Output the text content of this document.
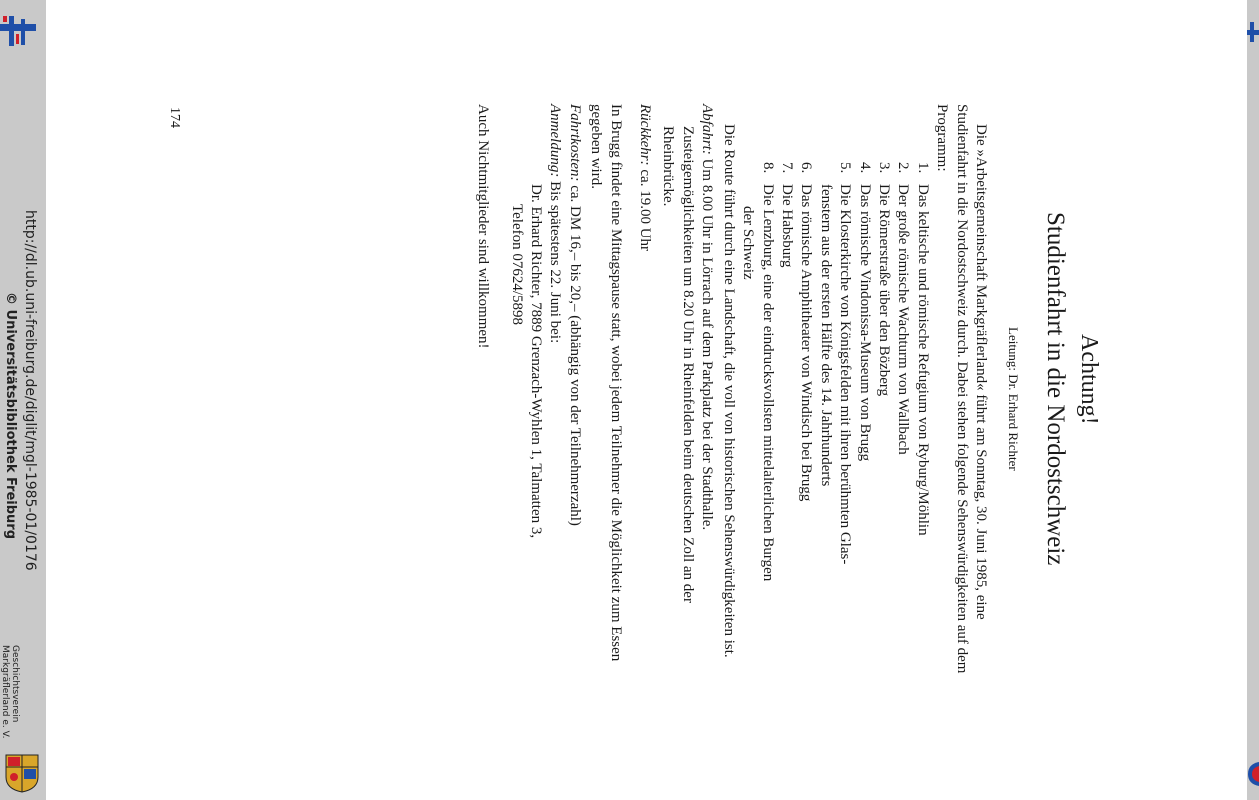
http://dl.ub.uni-freiburg.de/diglit/mgl-1985-01/0176
© Universitätsbibliothek Freiburg
Geschichtsverein
Markgräflerland e. V.
174
Achtung!
Studienfahrt in die Nordostschweiz
Leitung: Dr. Erhard Richter

Die »Arbeitsgemeinschaft Markgräflerland« führt am Sonntag, 30. Juni 1985, eine Studienfahrt in die Nordostschweiz durch. Dabei stehen folgende Sehenswürdigkeiten auf dem Programm:

1.
Das keltische und römische Refugium von Ryburg/Möhlin
2.
Der große römische Wachturm von Wallbach
3.
Die Römerstraße über den Bözberg
4.
Das römische Vindonissa-Museum von Brugg
5.
Die Klosterkirche von Königsfelden mit ihren berühmten Glas-
fenstern aus der ersten Hälfte des 14. Jahrhunderts
6.
Das römische Amphitheater von Windisch bei Brugg
7.
Die Habsburg
8.
Die Lenzburg, eine der eindrucksvollsten mittelalterlichen Burgen
der Schweiz

Die Route führt durch eine Landschaft, die voll von historischen Sehenswürdigkeiten ist.

Abfahrt: Um 8.00 Uhr in Lörrach auf dem Parkplatz bei der Stadthalle.

Zusteigemöglichkeiten um 8.20 Uhr in Rheinfelden beim deutschen Zoll an der Rheinbrücke.

Rückkehr: ca. 19.00 Uhr

In Brugg findet eine Mittagspause statt, wobei jedem Teilnehmer die Möglichkeit zum Essen gegeben wird.

Fahrtkosten: ca. DM 16,– bis 20,– (abhängig von der Teilnehmerzahl)

Anmeldung: Bis spätestens 22. Juni bei:

Dr. Erhard Richter, 7889 Grenzach-Wyhlen 1, Talmatten 3,

Telefon 07624/5898

Auch Nichtmitglieder sind willkommen!
